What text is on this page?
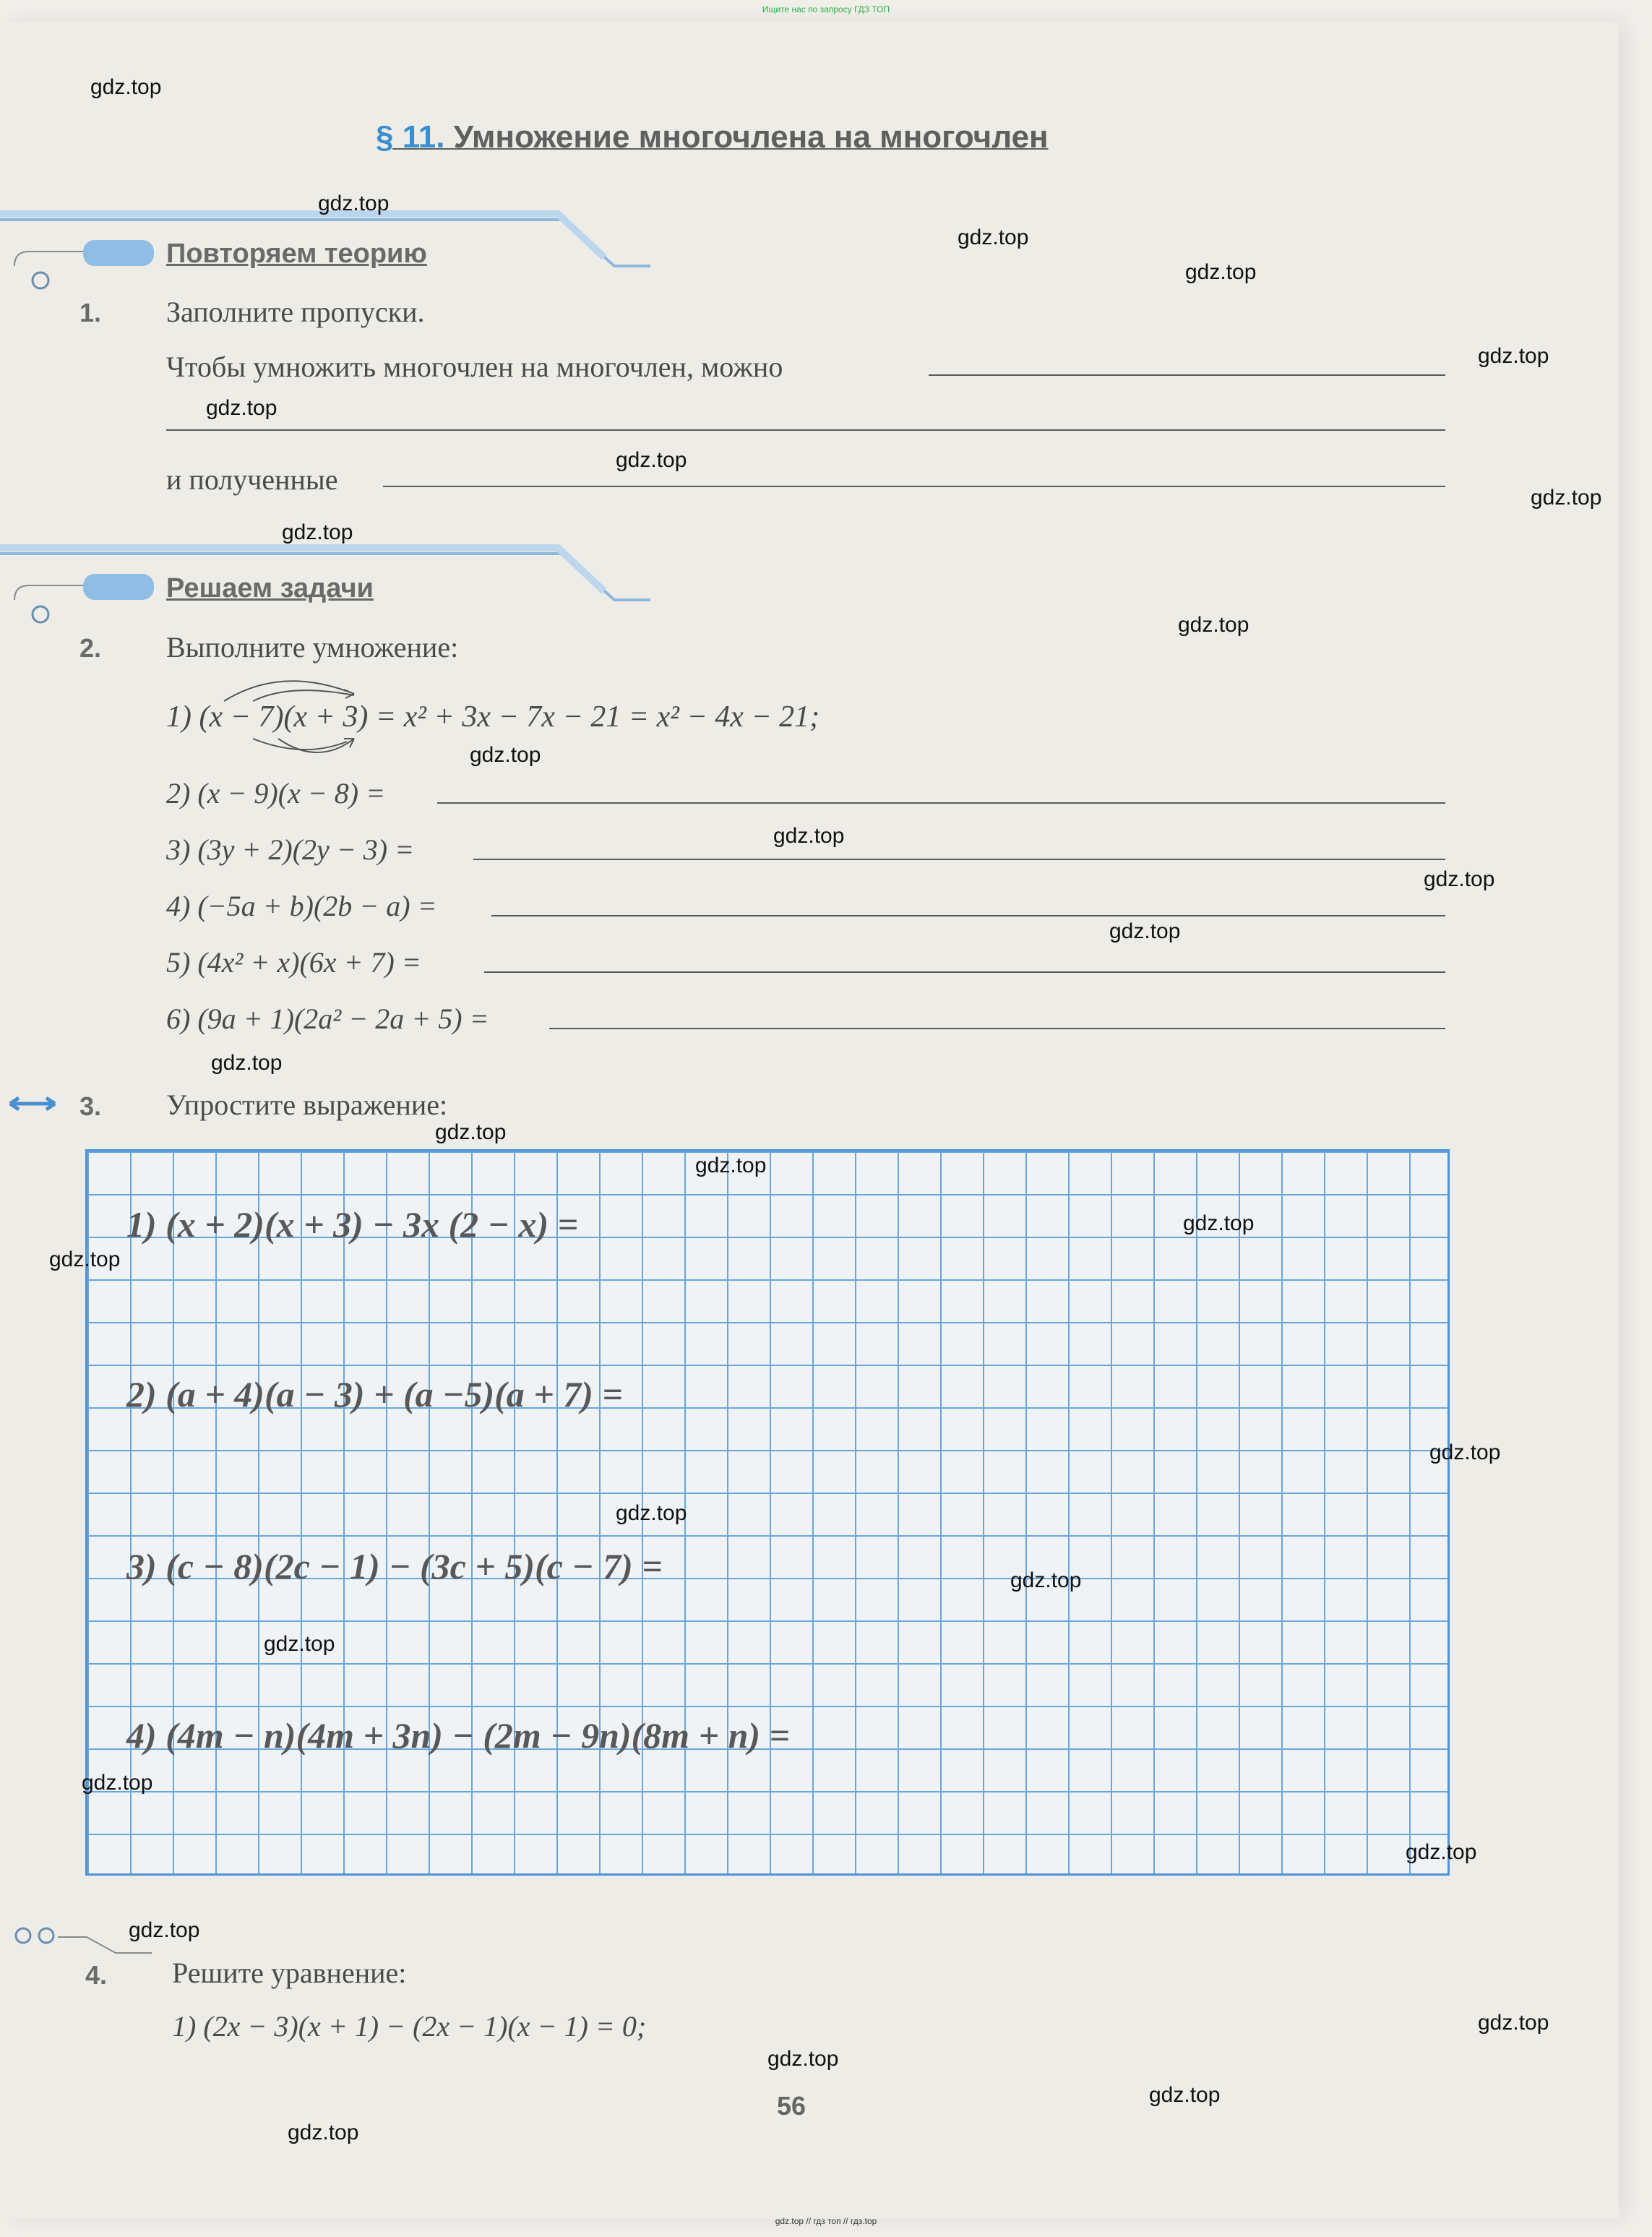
Ищите нас по запросу ГДЗ ТОП
§ 11. Умножение многочлена на многочлен
Повторяем теорию
1. Заполните пропуски.
Чтобы умножить многочлен на многочлен, можно
и полученные
Решаем задачи
2. Выполните умножение:
1) (x − 7)(x + 3) = x² + 3x − 7x − 21 = x² − 4x − 21;
2) (x − 9)(x − 8) =
3) (3y + 2)(2y − 3) =
4) (−5a + b)(2b − a) =
5) (4x² + x)(6x + 7) =
6) (9a + 1)(2a² − 2a + 5) =
3. Упростите выражение:
1) (x + 2)(x + 3) − 3x (2 − x) =
2) (a + 4)(a − 3) + (a −5)(a + 7) =
3) (c − 8)(2c − 1) − (3c + 5)(c − 7) =
4) (4m − n)(4m + 3n) − (2m − 9n)(8m + n) =
4. Решите уравнение:
1) (2x − 3)(x + 1) − (2x − 1)(x − 1) = 0;
56
gdz.top
gdz.top
gdz.top
gdz.top
gdz.top
gdz.top
gdz.top
gdz.top
gdz.top
gdz.top
gdz.top
gdz.top
gdz.top
gdz.top
gdz.top
gdz.top
gdz.top
gdz.top
gdz.top
gdz.top
gdz.top
gdz.top
gdz.top
gdz.top
gdz.top
gdz.top
gdz.top
gdz.top
gdz.top
gdz.top
gdz.top // гдз топ // гдз.top
